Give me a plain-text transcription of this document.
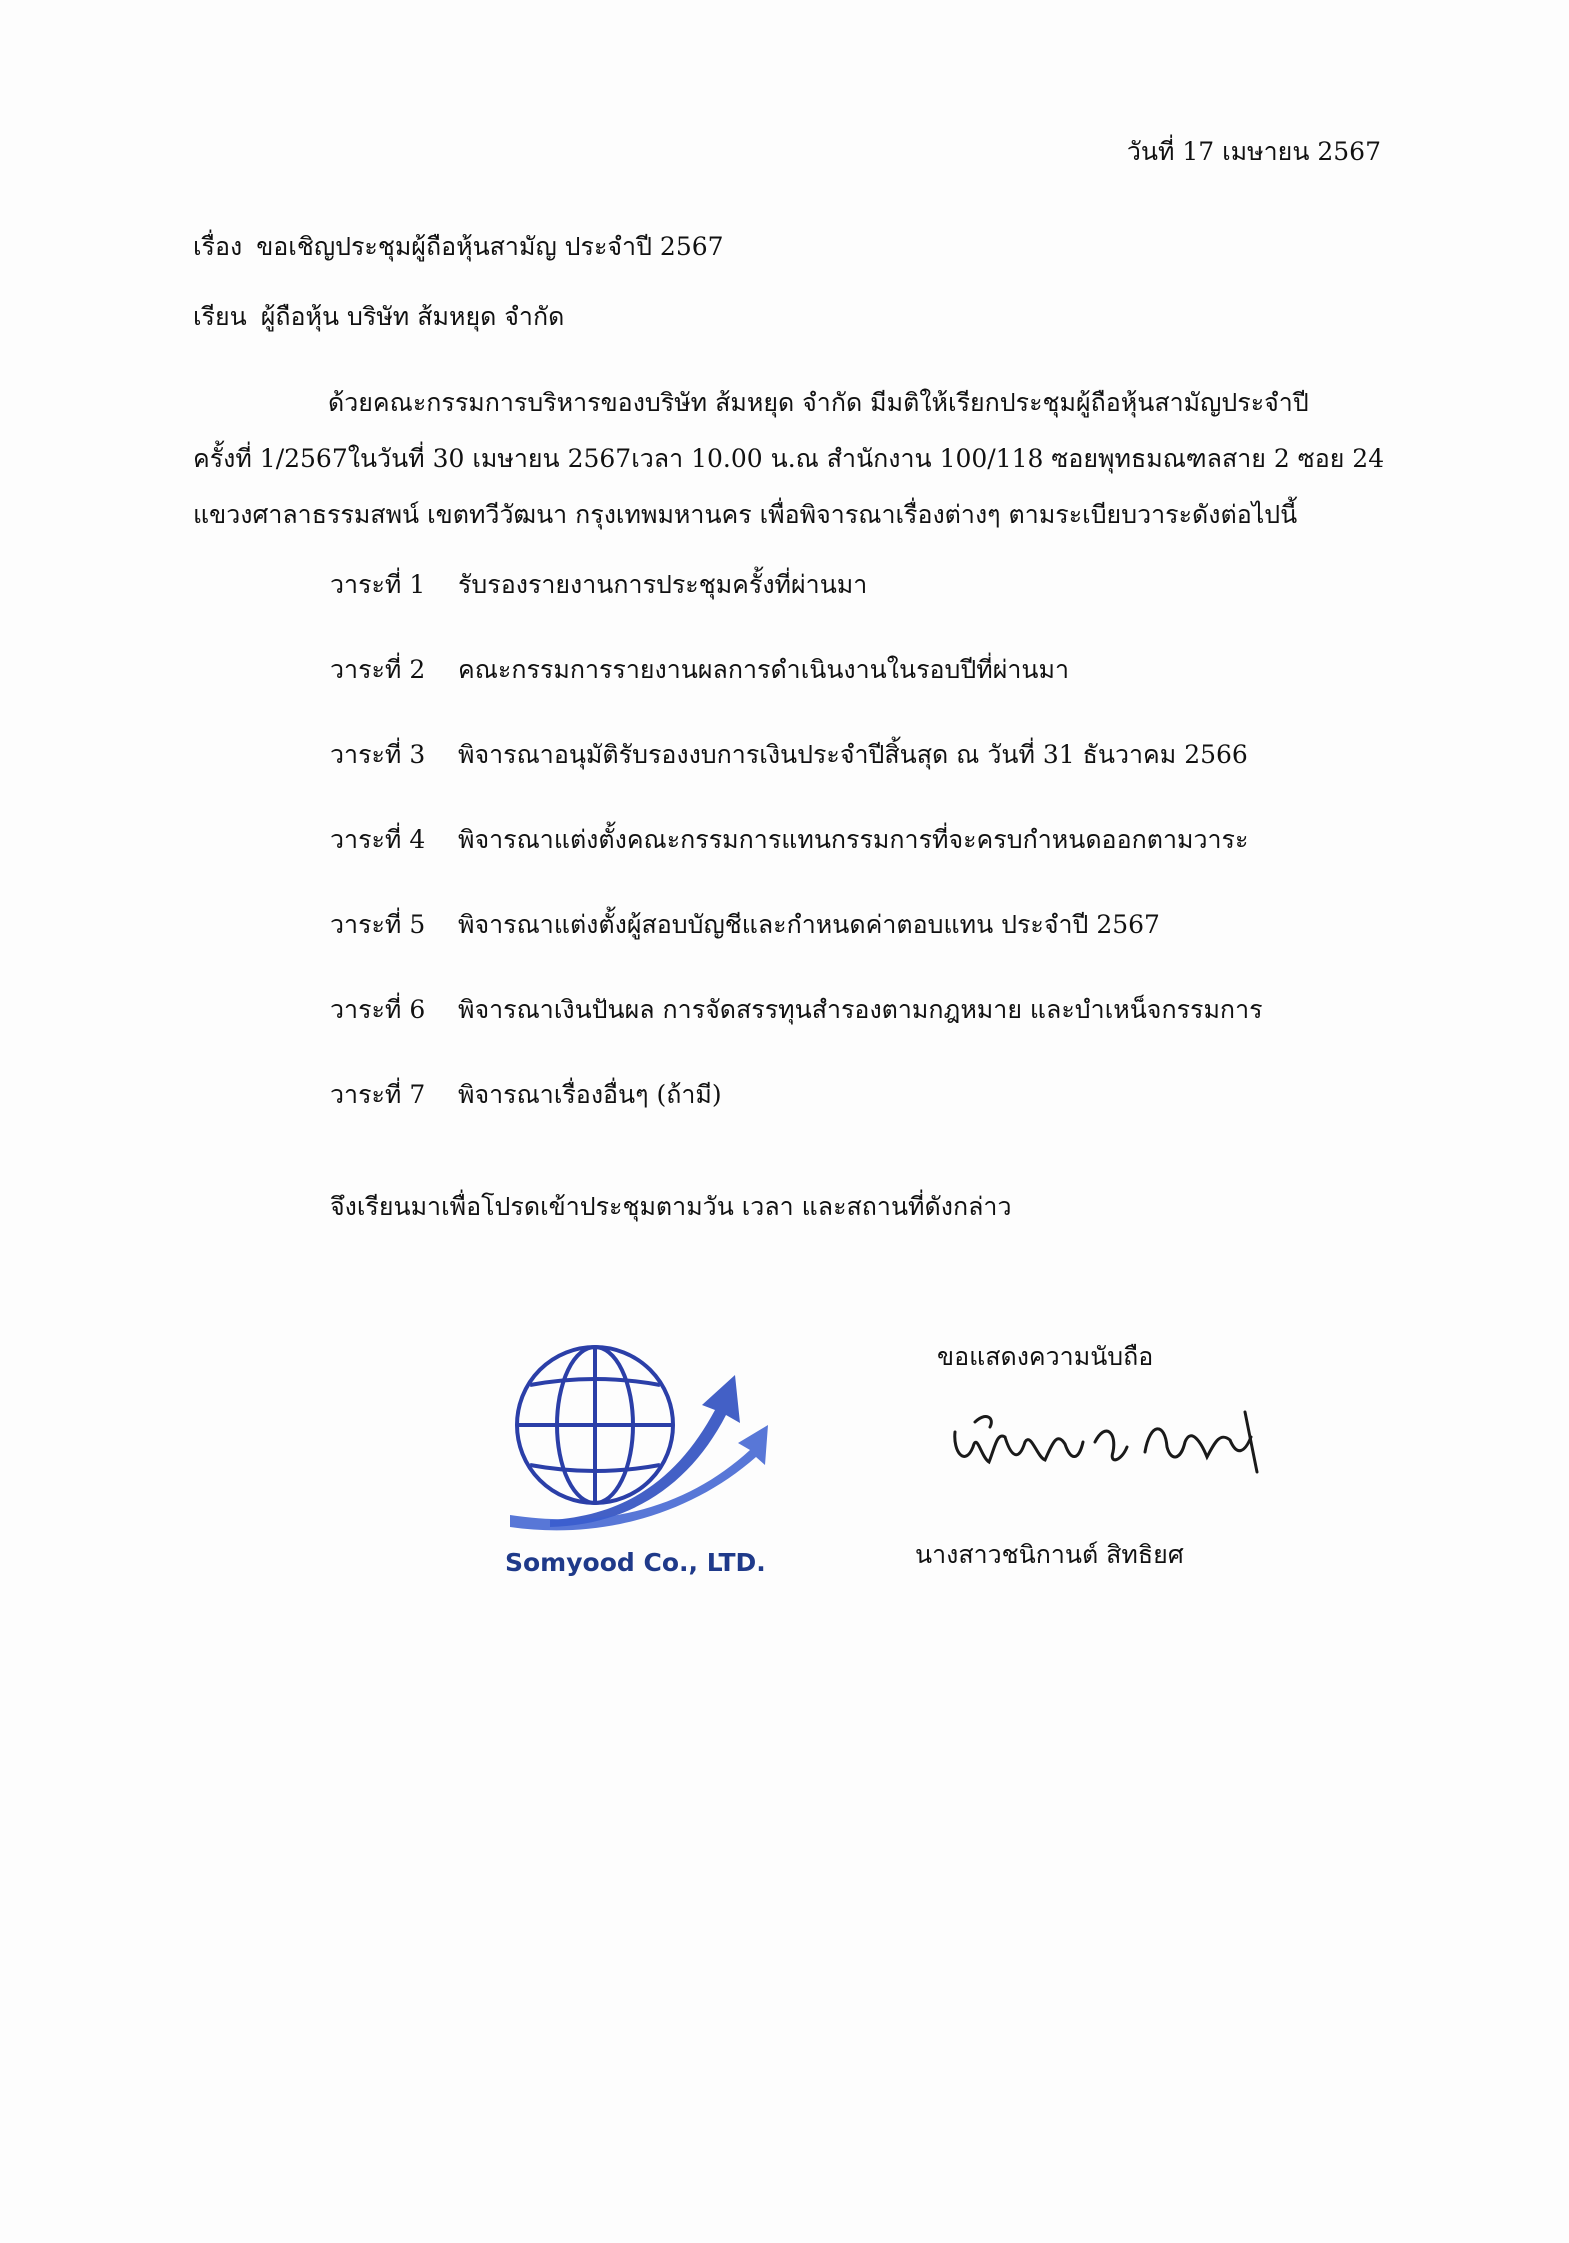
วันที่ 17 เมษายน 2567
เรื่อง ขอเชิญประชุมผู้ถือหุ้นสามัญ ประจำปี 2567
เรียน ผู้ถือหุ้น บริษัท ส้มหยุด จำกัด
ด้วยคณะกรรมการบริหารของบริษัท ส้มหยุด จำกัด มีมติให้เรียกประชุมผู้ถือหุ้นสามัญประจำปี
ครั้งที่ 1/2567ในวันที่ 30 เมษายน 2567เวลา 10.00 น.ณ สำนักงาน 100/118 ซอยพุทธมณฑลสาย 2 ซอย 24
แขวงศาลาธรรมสพน์ เขตทวีวัฒนา กรุงเทพมหานคร เพื่อพิจารณาเรื่องต่างๆ ตามระเบียบวาระดังต่อไปนี้
วาระที่ 1 รับรองรายงานการประชุมครั้งที่ผ่านมา
วาระที่ 2 คณะกรรมการรายงานผลการดำเนินงานในรอบปีที่ผ่านมา
วาระที่ 3 พิจารณาอนุมัติรับรองงบการเงินประจำปีสิ้นสุด ณ วันที่ 31 ธันวาคม 2566
วาระที่ 4 พิจารณาแต่งตั้งคณะกรรมการแทนกรรมการที่จะครบกำหนดออกตามวาระ
วาระที่ 5 พิจารณาแต่งตั้งผู้สอบบัญชีและกำหนดค่าตอบแทน ประจำปี 2567
วาระที่ 6 พิจารณาเงินปันผล การจัดสรรทุนสำรองตามกฎหมาย และบำเหน็จกรรมการ
วาระที่ 7 พิจารณาเรื่องอื่นๆ (ถ้ามี)
จึงเรียนมาเพื่อโปรดเข้าประชุมตามวัน เวลา และสถานที่ดังกล่าว
Somyood Co., LTD.
ขอแสดงความนับถือ
นางสาวชนิกานต์ สิทธิยศ
